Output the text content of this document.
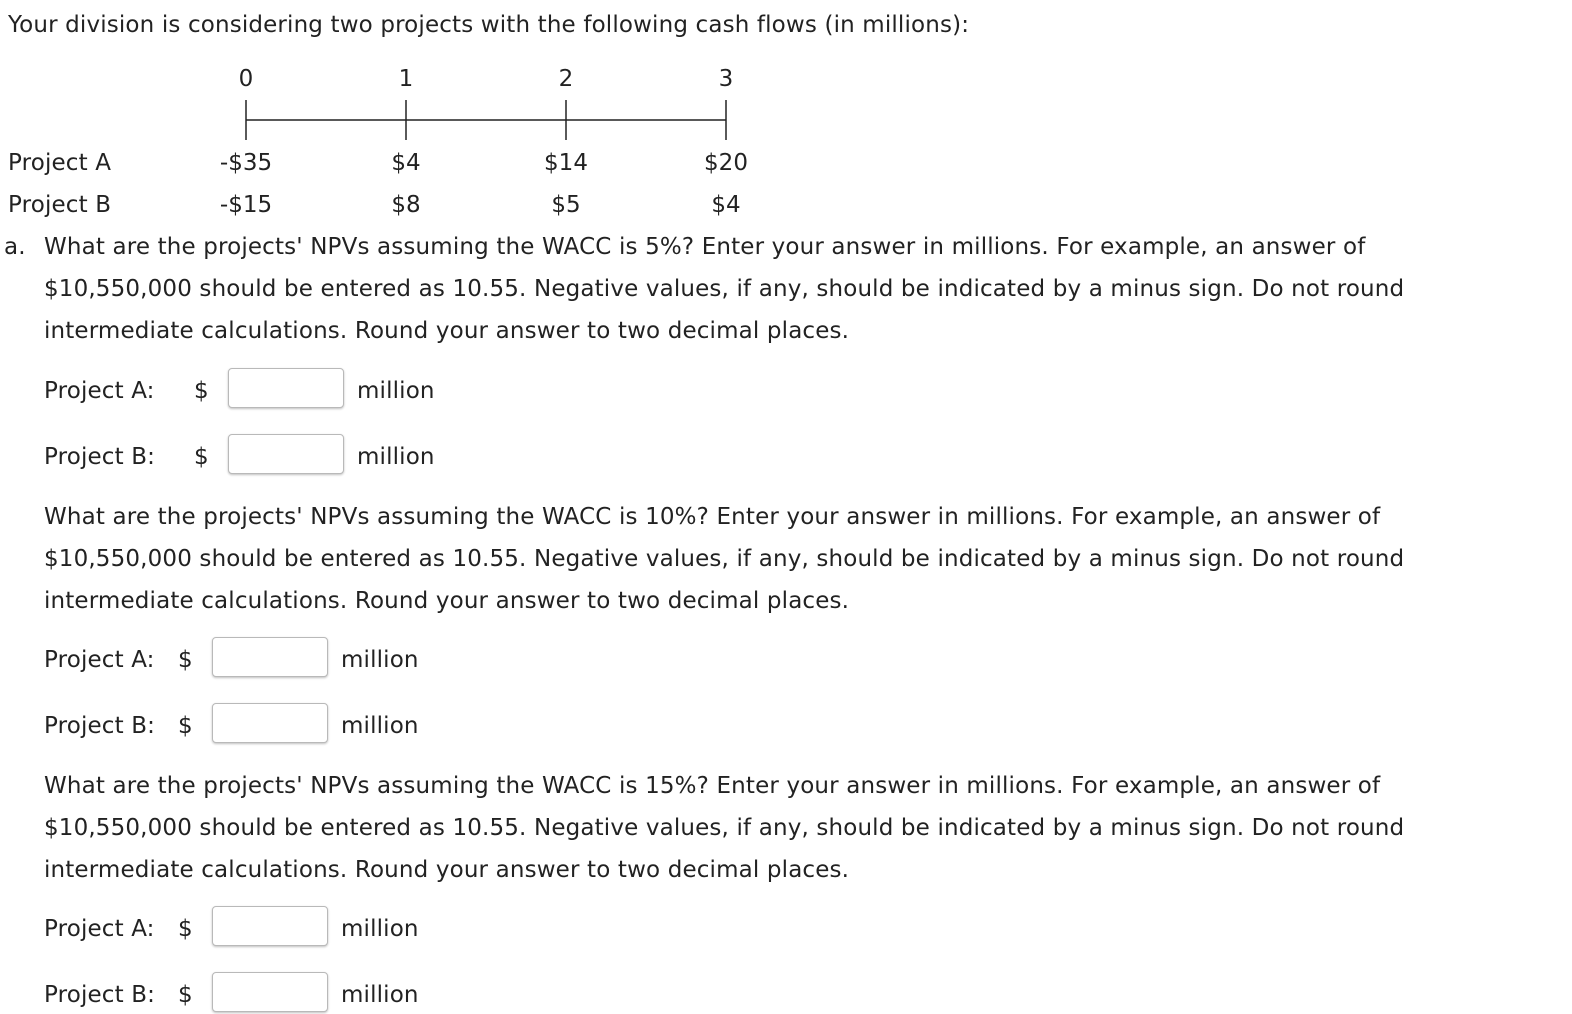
Your division is considering two projects with the following cash flows (in millions):
0	1	2	3
Project A	-$35	$4	$14	$20
Project B	-$15	$8	$5	$4
a. What are the projects' NPVs assuming the WACC is 5%? Enter your answer in millions. For example, an answer of
$10,550,000 should be entered as 10.55. Negative values, if any, should be indicated by a minus sign. Do not round
intermediate calculations. Round your answer to two decimal places.
Project A: $	million
Project B: $	million
What are the projects' NPVs assuming the WACC is 10%? Enter your answer in millions. For example, an answer of
$10,550,000 should be entered as 10.55. Negative values, if any, should be indicated by a minus sign. Do not round
intermediate calculations. Round your answer to two decimal places.
Project A: $	million
Project B: $	million
What are the projects' NPVs assuming the WACC is 15%? Enter your answer in millions. For example, an answer of
$10,550,000 should be entered as 10.55. Negative values, if any, should be indicated by a minus sign. Do not round
intermediate calculations. Round your answer to two decimal places.
Project A: $	million
Project B: $	million
